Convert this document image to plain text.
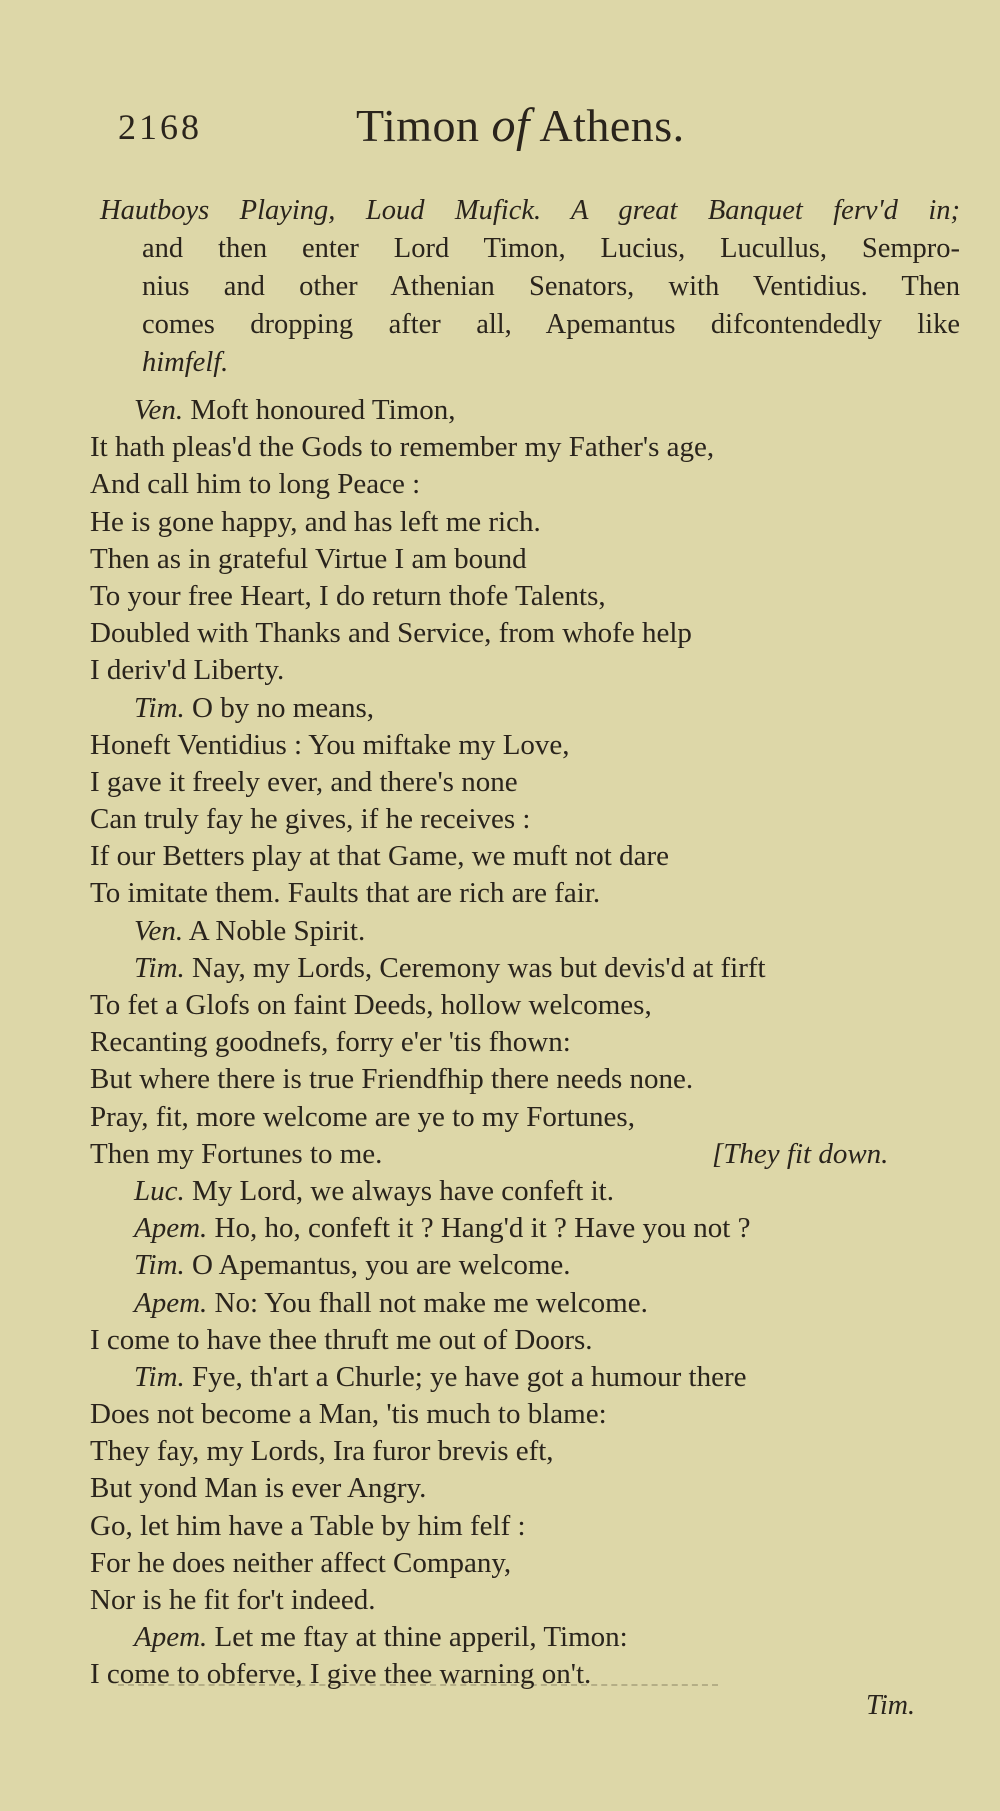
2168	Timon of Athens.
Hautboys Playing, Loud Mufick. A great Banquet ferv'd in;
and then enter Lord Timon, Lucius, Lucullus, Sempro-
nius and other Athenian Senators, with Ventidius. Then
comes dropping after all, Apemantus difcontendedly like
himfelf.
Ven. Moft honoured Timon,
It hath pleas'd the Gods to remember my Father's age,
And call him to long Peace :
He is gone happy, and has left me rich.
Then as in grateful Virtue I am bound
To your free Heart, I do return thofe Talents,
Doubled with Thanks and Service, from whofe help
I deriv'd Liberty.
Tim. O by no means,
Honeft Ventidius : You miftake my Love,
I gave it freely ever, and there's none
Can truly fay he gives, if he receives :
If our Betters play at that Game, we muft not dare
To imitate them. Faults that are rich are fair.
Ven. A Noble Spirit.
Tim. Nay, my Lords, Ceremony was but devis'd at firft
To fet a Glofs on faint Deeds, hollow welcomes,
Recanting goodnefs, forry e'er 'tis fhown:
But where there is true Friendfhip there needs none.
Pray, fit, more welcome are ye to my Fortunes,
Then my Fortunes to me.	[They fit down.
Luc. My Lord, we always have confeft it.
Apem. Ho, ho, confeft it ? Hang'd it ? Have you not ?
Tim. O Apemantus, you are welcome.
Apem. No: You fhall not make me welcome.
I come to have thee thruft me out of Doors.
Tim. Fye, th'art a Churle; ye have got a humour there
Does not become a Man, 'tis much to blame:
They fay, my Lords, Ira furor brevis eft,
But yond Man is ever Angry.
Go, let him have a Table by him felf :
For he does neither affect Company,
Nor is he fit for't indeed.
Apem. Let me ftay at thine apperil, Timon:
I come to obferve, I give thee warning on't.
Tim.
